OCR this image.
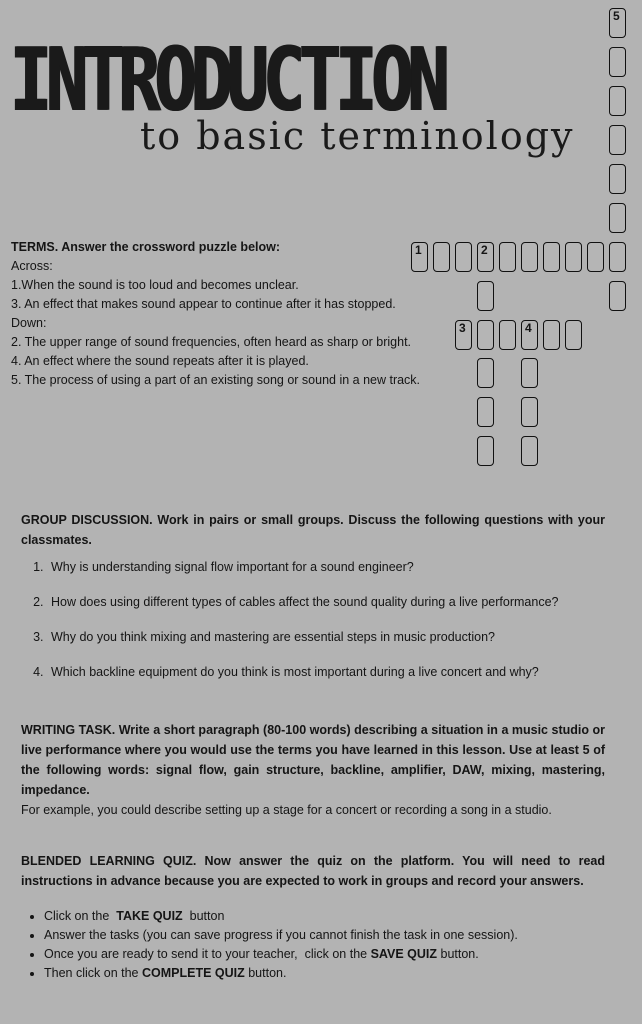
INTRODUCTION
to basic terminology
TERMS. Answer the crossword puzzle below:
Across:
1.When the sound is too loud and becomes unclear.
3. An effect that makes sound appear to continue after it has stopped.
Down:
2. The upper range of sound frequencies, often heard as sharp or bright.
4. An effect where the sound repeats after it is played.
5. The process of using a part of an existing song or sound in a new track.
1	2
3	4
5
GROUP DISCUSSION. Work in pairs or small groups. Discuss the following questions with your classmates.
1. Why is understanding signal flow important for a sound engineer?
2. How does using different types of cables affect the sound quality during a live performance?
3. Why do you think mixing and mastering are essential steps in music production?
4. Which backline equipment do you think is most important during a live concert and why?
WRITING TASK. Write a short paragraph (80-100 words) describing a situation in a music studio or live performance where you would use the terms you have learned in this lesson. Use at least 5 of the following words: signal flow, gain structure, backline, amplifier, DAW, mixing, mastering, impedance.
For example, you could describe setting up a stage for a concert or recording a song in a studio.
BLENDED LEARNING QUIZ. Now answer the quiz on the platform. You will need to read instructions in advance because you are expected to work in groups and record your answers.
• Click on the  TAKE QUIZ  button
• Answer the tasks (you can save progress if you cannot finish the task in one session).
• Once you are ready to send it to your teacher,  click on the SAVE QUIZ button.
• Then click on the COMPLETE QUIZ button.
